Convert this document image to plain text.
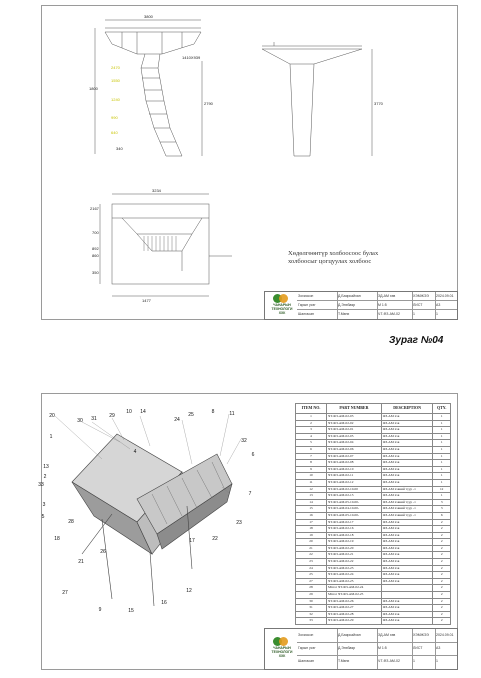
3800
1410X939
2470
1550
1240
990
640
340
1800
2790	3770
3234
2167
700
892
860
350
1477
Хөдөлгөөнтүр холбоосоос булах
холбоосыг цогцуулах холбоос
ЧАНАРЫН
ТЕХНОЛОГИ
ХХК
Зохиосон	Д.Баярсайхан	ЗД-АМ хэв	ХЭМЖЭЭ 2024.09.01
Гарын үсэг	Д.Энхбаяр	М 1:5	ЛИСТ	A3
Шалгасан	Т.Мөнх	ЧТ-ФЗ-АМ-02	1	1
Зураг №04
20
30	31	29
10	14
24
25	8	11
1
13
2
33
3
5
28
18
21
27
9	15
16
12
17	22
23
7
4
26
6
32
ITEM NO.	PART NUMBER	DESCRIPTION	QTY.
1	ЧТ-ФЗ-АМ-02-03	ФЗ-АМ хэв	1
2	ЧТ-ФЗ-АМ-02-02	ФЗ-АМ хэв	1
3	ЧТ-ФЗ-АМ-02-01	ФЗ-АМ хэв	1
4	ЧТ-ФЗ-АМ-02-05	ФЗ-АМ хэв	1
5	ЧТ-ФЗ-АМ-02-04	ФЗ-АМ хэв	1
6	ЧТ-ФЗ-АМ-02-06	ФЗ-АМ хэв	1
7	ЧТ-ФЗ-АМ-02-07	ФЗ-АМ хэв	1
8	ЧТ-ФЗ-АМ-02-08	ФЗ-АМ хэв	1
9	ЧТ-ФЗ-АМ-02-10	ФЗ-АМ хэв	1
10	ЧТ-ФЗ-АМ-02-11	ФЗ-АМ хэв	1
11	ЧТ-ФЗ-АМ-02-12	ФЗ-АМ хэв	1
12	ЧТ-ФЗ-АМ-02-10-00	ФЗ-АМ хэвний түүр -1	12
13	ЧТ-ФЗ-АМ-02-13	ФЗ-АМ хэв	1
14	ЧТ-ФЗ-АМ-05-10-00-	ФЗ-АМ хэвний түүр -1	3
15	ЧТ-ФЗ-АМ-04-10-00-	ФЗ-АМ хэвний түүр -1	3
16	ЧТ-ФЗ-АМ-05-10-00-	ФЗ-АМ хэвний түүр -1	6
17	ЧТ-ФЗ-АМ-02-17	ФЗ-АМ хэв	2
18	ЧТ-ФЗ-АМ-02-16	ФЗ-АМ хэв	2
19	ЧТ-ФЗ-АМ-02-18	ФЗ-АМ хэв	2
20	ЧТ-ФЗ-АМ-02-19	ФЗ-АМ хэв	2
21	ЧТ-ФЗ-АМ-02-20	ФЗ-АМ хэв	2
22	ЧТ-ФЗ-АМ-02-21	ФЗ-АМ хэв	2
23	ЧТ-ФЗ-АМ-02-22	ФЗ-АМ хэв	2
24	ЧТ-ФЗ-АМ-02-23	ФЗ-АМ хэв	2
25	ЧТ-ФЗ-АМ-02-24	ФЗ-АМ хэв	2
27	ЧТ-ФЗ-АМ-02-25	ФЗ-АМ хэв	2
28	Mirror ЧТ-ФЗ-АМ-02-24		2
29	Mirror ЧТ-ФЗ-АМ-02-25		2
30	ЧТ-ФЗ-АМ-02-26	ФЗ-АМ хэв	2
31	ЧТ-ФЗ-АМ-02-27	ФЗ-АМ хэв	2
32	ЧТ-ФЗ-АМ-02-28	ФЗ-АМ хэв	2
33	ЧТ-ФЗ-АМ-02-29	ФЗ-АМ хэв	2
ЧАНАРЫН
ТЕХНОЛОГИ
ХХК
Зохиосон	Д.Баярсайхан	ЗД-АМ хэв	ХЭМЖЭЭ 2024.09.01
Гарын үсэг	Д.Энхбаяр	М 1:5	ЛИСТ	A3
Шалгасан	Т.Мөнх	ЧТ-ФЗ-АМ-02	1	1
